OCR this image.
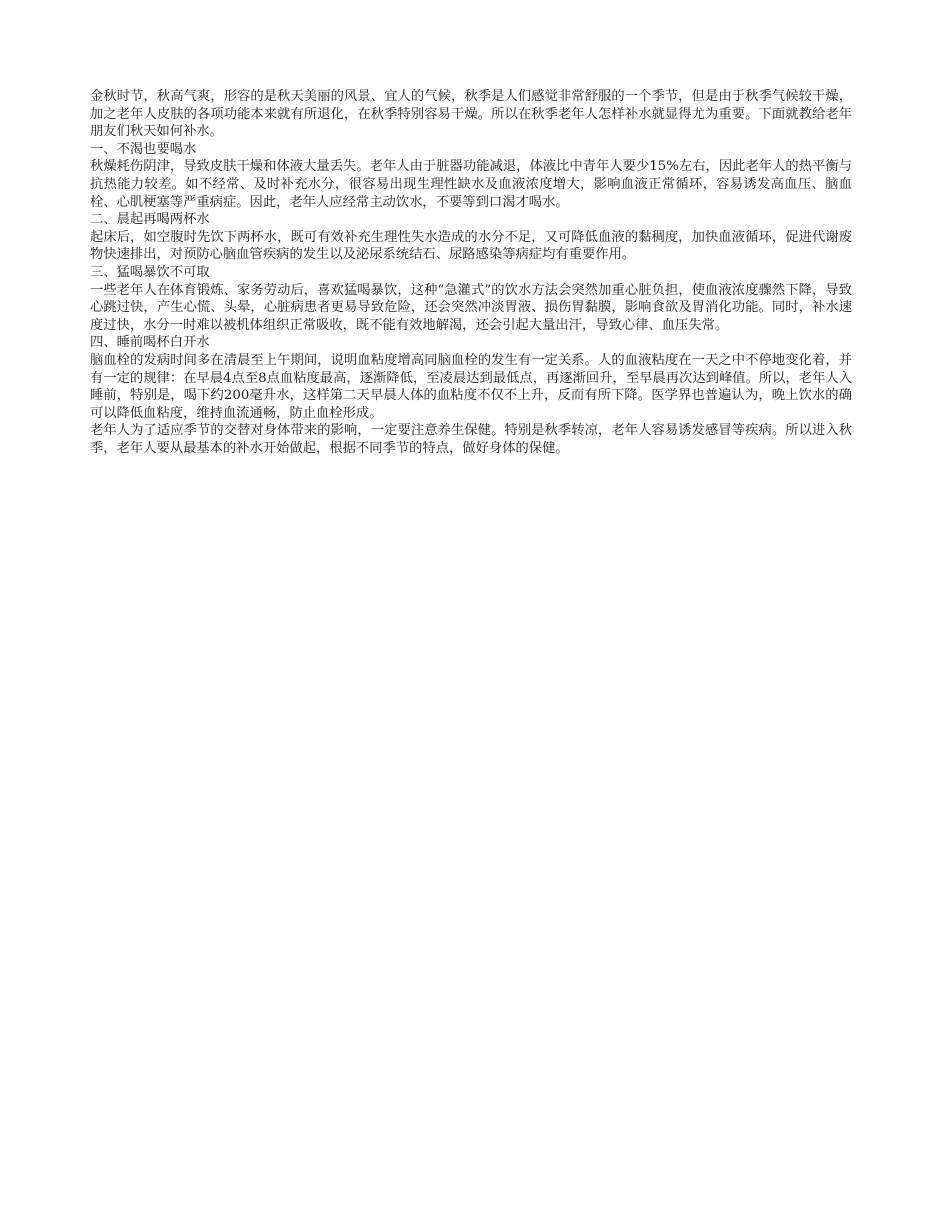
金秋时节，秋高气爽，形容的是秋天美丽的风景、宜人的气候，秋季是人们感觉非常舒服的一个季节，但是由于秋季气候较干燥，加之老年人皮肤的各项功能本来就有所退化，在秋季特别容易干燥。所以在秋季老年人怎样补水就显得尤为重要。下面就教给老年朋友们秋天如何补水。

一、不渴也要喝水

秋燥耗伤阴津，导致皮肤干燥和体液大量丢失。老年人由于脏器功能减退，体液比中青年人要少15%左右，因此老年人的热平衡与抗热能力较差。如不经常、及时补充水分，很容易出现生理性缺水及血液浓度增大，影响血液正常循环，容易诱发高血压、脑血栓、心肌梗塞等严重病症。因此，老年人应经常主动饮水，不要等到口渴才喝水。

二、晨起再喝两杯水

起床后，如空腹时先饮下两杯水，既可有效补充生理性失水造成的水分不足，又可降低血液的黏稠度，加快血液循环，促进代谢废物快速排出，对预防心脑血管疾病的发生以及泌尿系统结石、尿路感染等病症均有重要作用。

三、猛喝暴饮不可取

一些老年人在体育锻炼、家务劳动后，喜欢猛喝暴饮，这种“急灌式”的饮水方法会突然加重心脏负担，使血液浓度骤然下降，导致心跳过快，产生心慌、头晕，心脏病患者更易导致危险，还会突然冲淡胃液、损伤胃黏膜，影响食欲及胃消化功能。同时，补水速度过快，水分一时难以被机体组织正常吸收，既不能有效地解渴，还会引起大量出汗，导致心律、血压失常。

四、睡前喝杯白开水

脑血栓的发病时间多在清晨至上午期间，说明血粘度增高同脑血栓的发生有一定关系。人的血液粘度在一天之中不停地变化着，并有一定的规律：在早晨4点至8点血粘度最高，逐渐降低，至凌晨达到最低点，再逐渐回升，至早晨再次达到峰值。所以，老年人入睡前，特别是，喝下约200毫升水，这样第二天早晨人体的血粘度不仅不上升，反而有所下降。医学界也普遍认为，晚上饮水的确可以降低血粘度，维持血流通畅，防止血栓形成。

老年人为了适应季节的交替对身体带来的影响，一定要注意养生保健。特别是秋季转凉，老年人容易诱发感冒等疾病。所以进入秋季，老年人要从最基本的补水开始做起，根据不同季节的特点，做好身体的保健。
